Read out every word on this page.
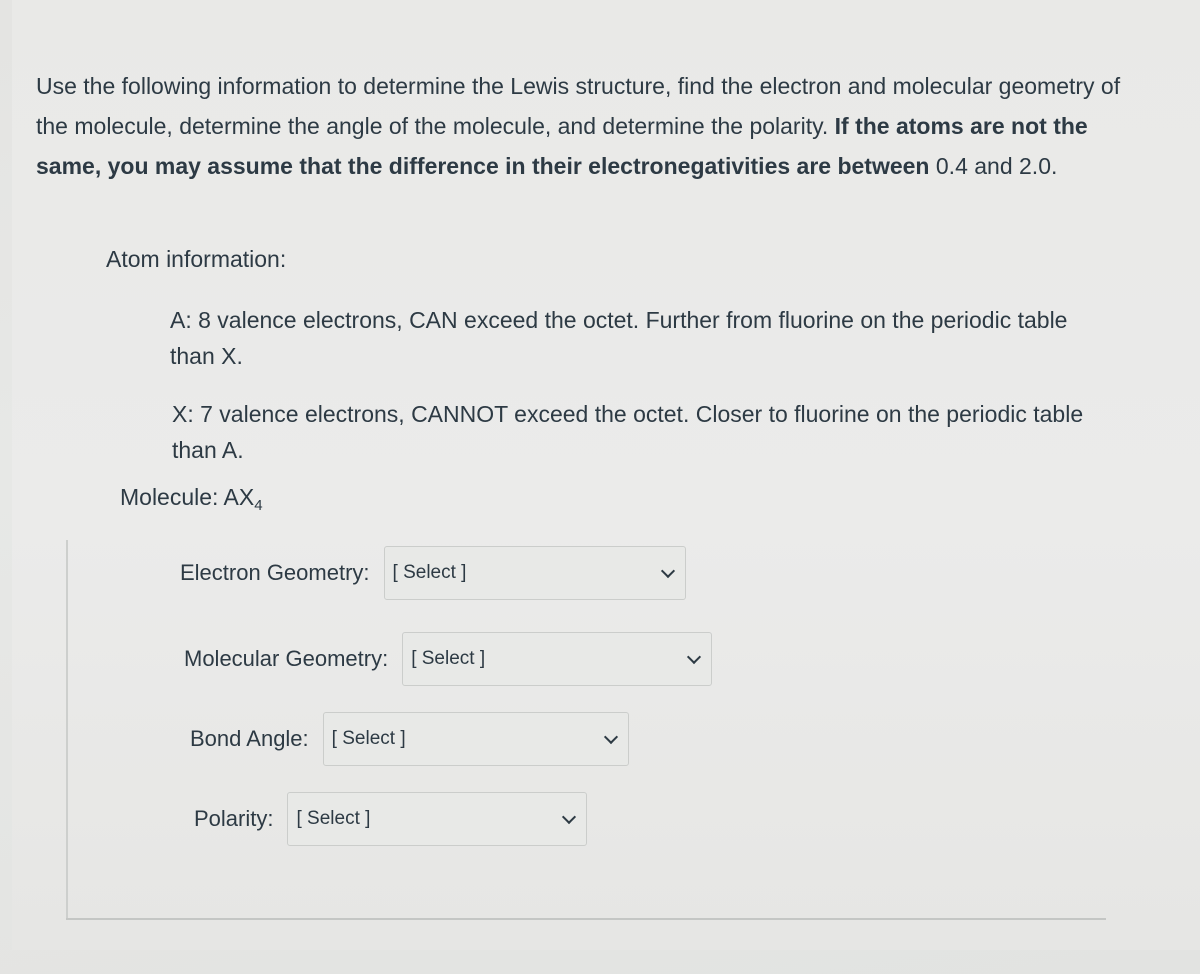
Use the following information to determine the Lewis structure, find the electron and molecular geometry of the molecule, determine the angle of the molecule, and determine the polarity. If the atoms are not the same, you may assume that the difference in their electronegativities are between 0.4 and 2.0.

Atom information:
A: 8 valence electrons, CAN exceed the octet. Further from fluorine on the periodic table
than X.
X: 7 valence electrons, CANNOT exceed the octet. Closer to fluorine on the periodic table
than A.
Molecule: $AX_4$
Electron Geometry: [ Select ]
Molecular Geometry: [ Select ]
Bond Angle: [ Select ]
Polarity: [ Select ]
